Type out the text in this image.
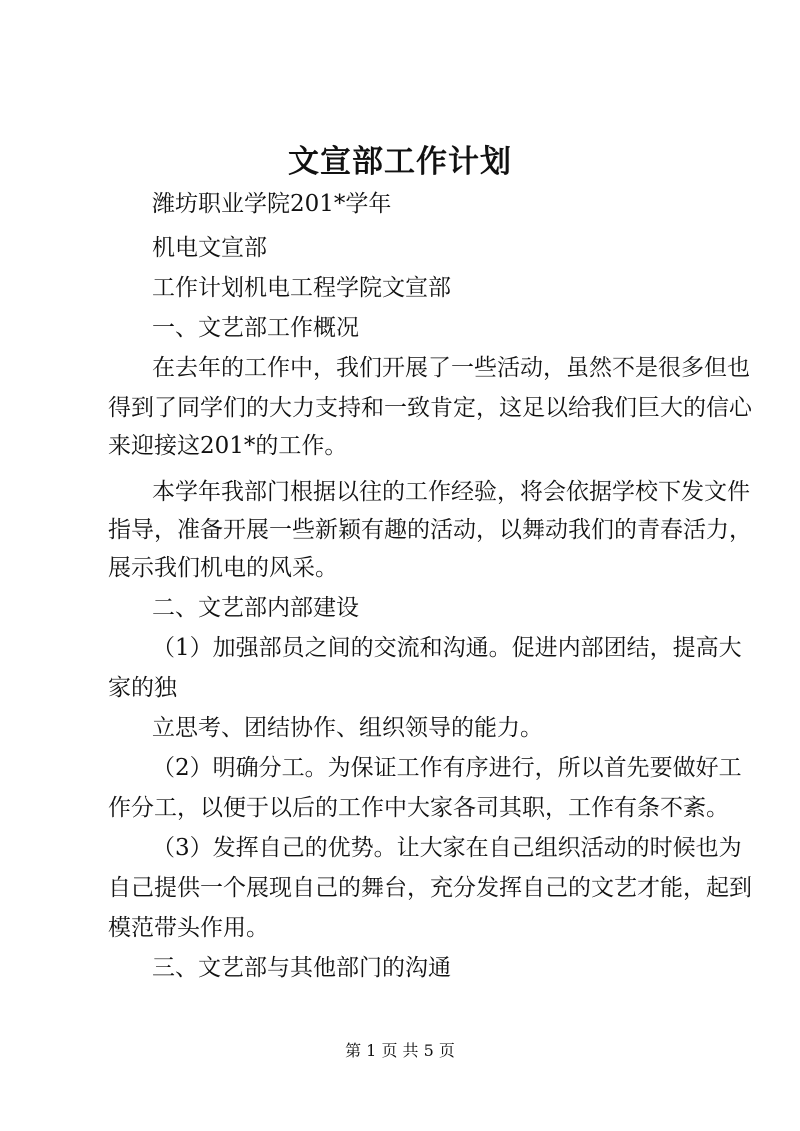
文宣部工作计划
潍坊职业学院201*学年
机电文宣部
工作计划机电工程学院文宣部
一、文艺部工作概况
在去年的工作中，我们开展了一些活动，虽然不是很多但也
得到了同学们的大力支持和一致肯定，这足以给我们巨大的信心
来迎接这201*的工作。
本学年我部门根据以往的工作经验，将会依据学校下发文件
指导，准备开展一些新颖有趣的活动，以舞动我们的青春活力，
展示我们机电的风采。
二、文艺部内部建设
（1）加强部员之间的交流和沟通。促进内部团结，提高大
家的独
立思考、团结协作、组织领导的能力。
（2）明确分工。为保证工作有序进行，所以首先要做好工
作分工，以便于以后的工作中大家各司其职，工作有条不紊。
（3）发挥自己的优势。让大家在自己组织活动的时候也为
自己提供一个展现自己的舞台，充分发挥自己的文艺才能，起到
模范带头作用。
三、文艺部与其他部门的沟通
第 1 页 共 5 页
